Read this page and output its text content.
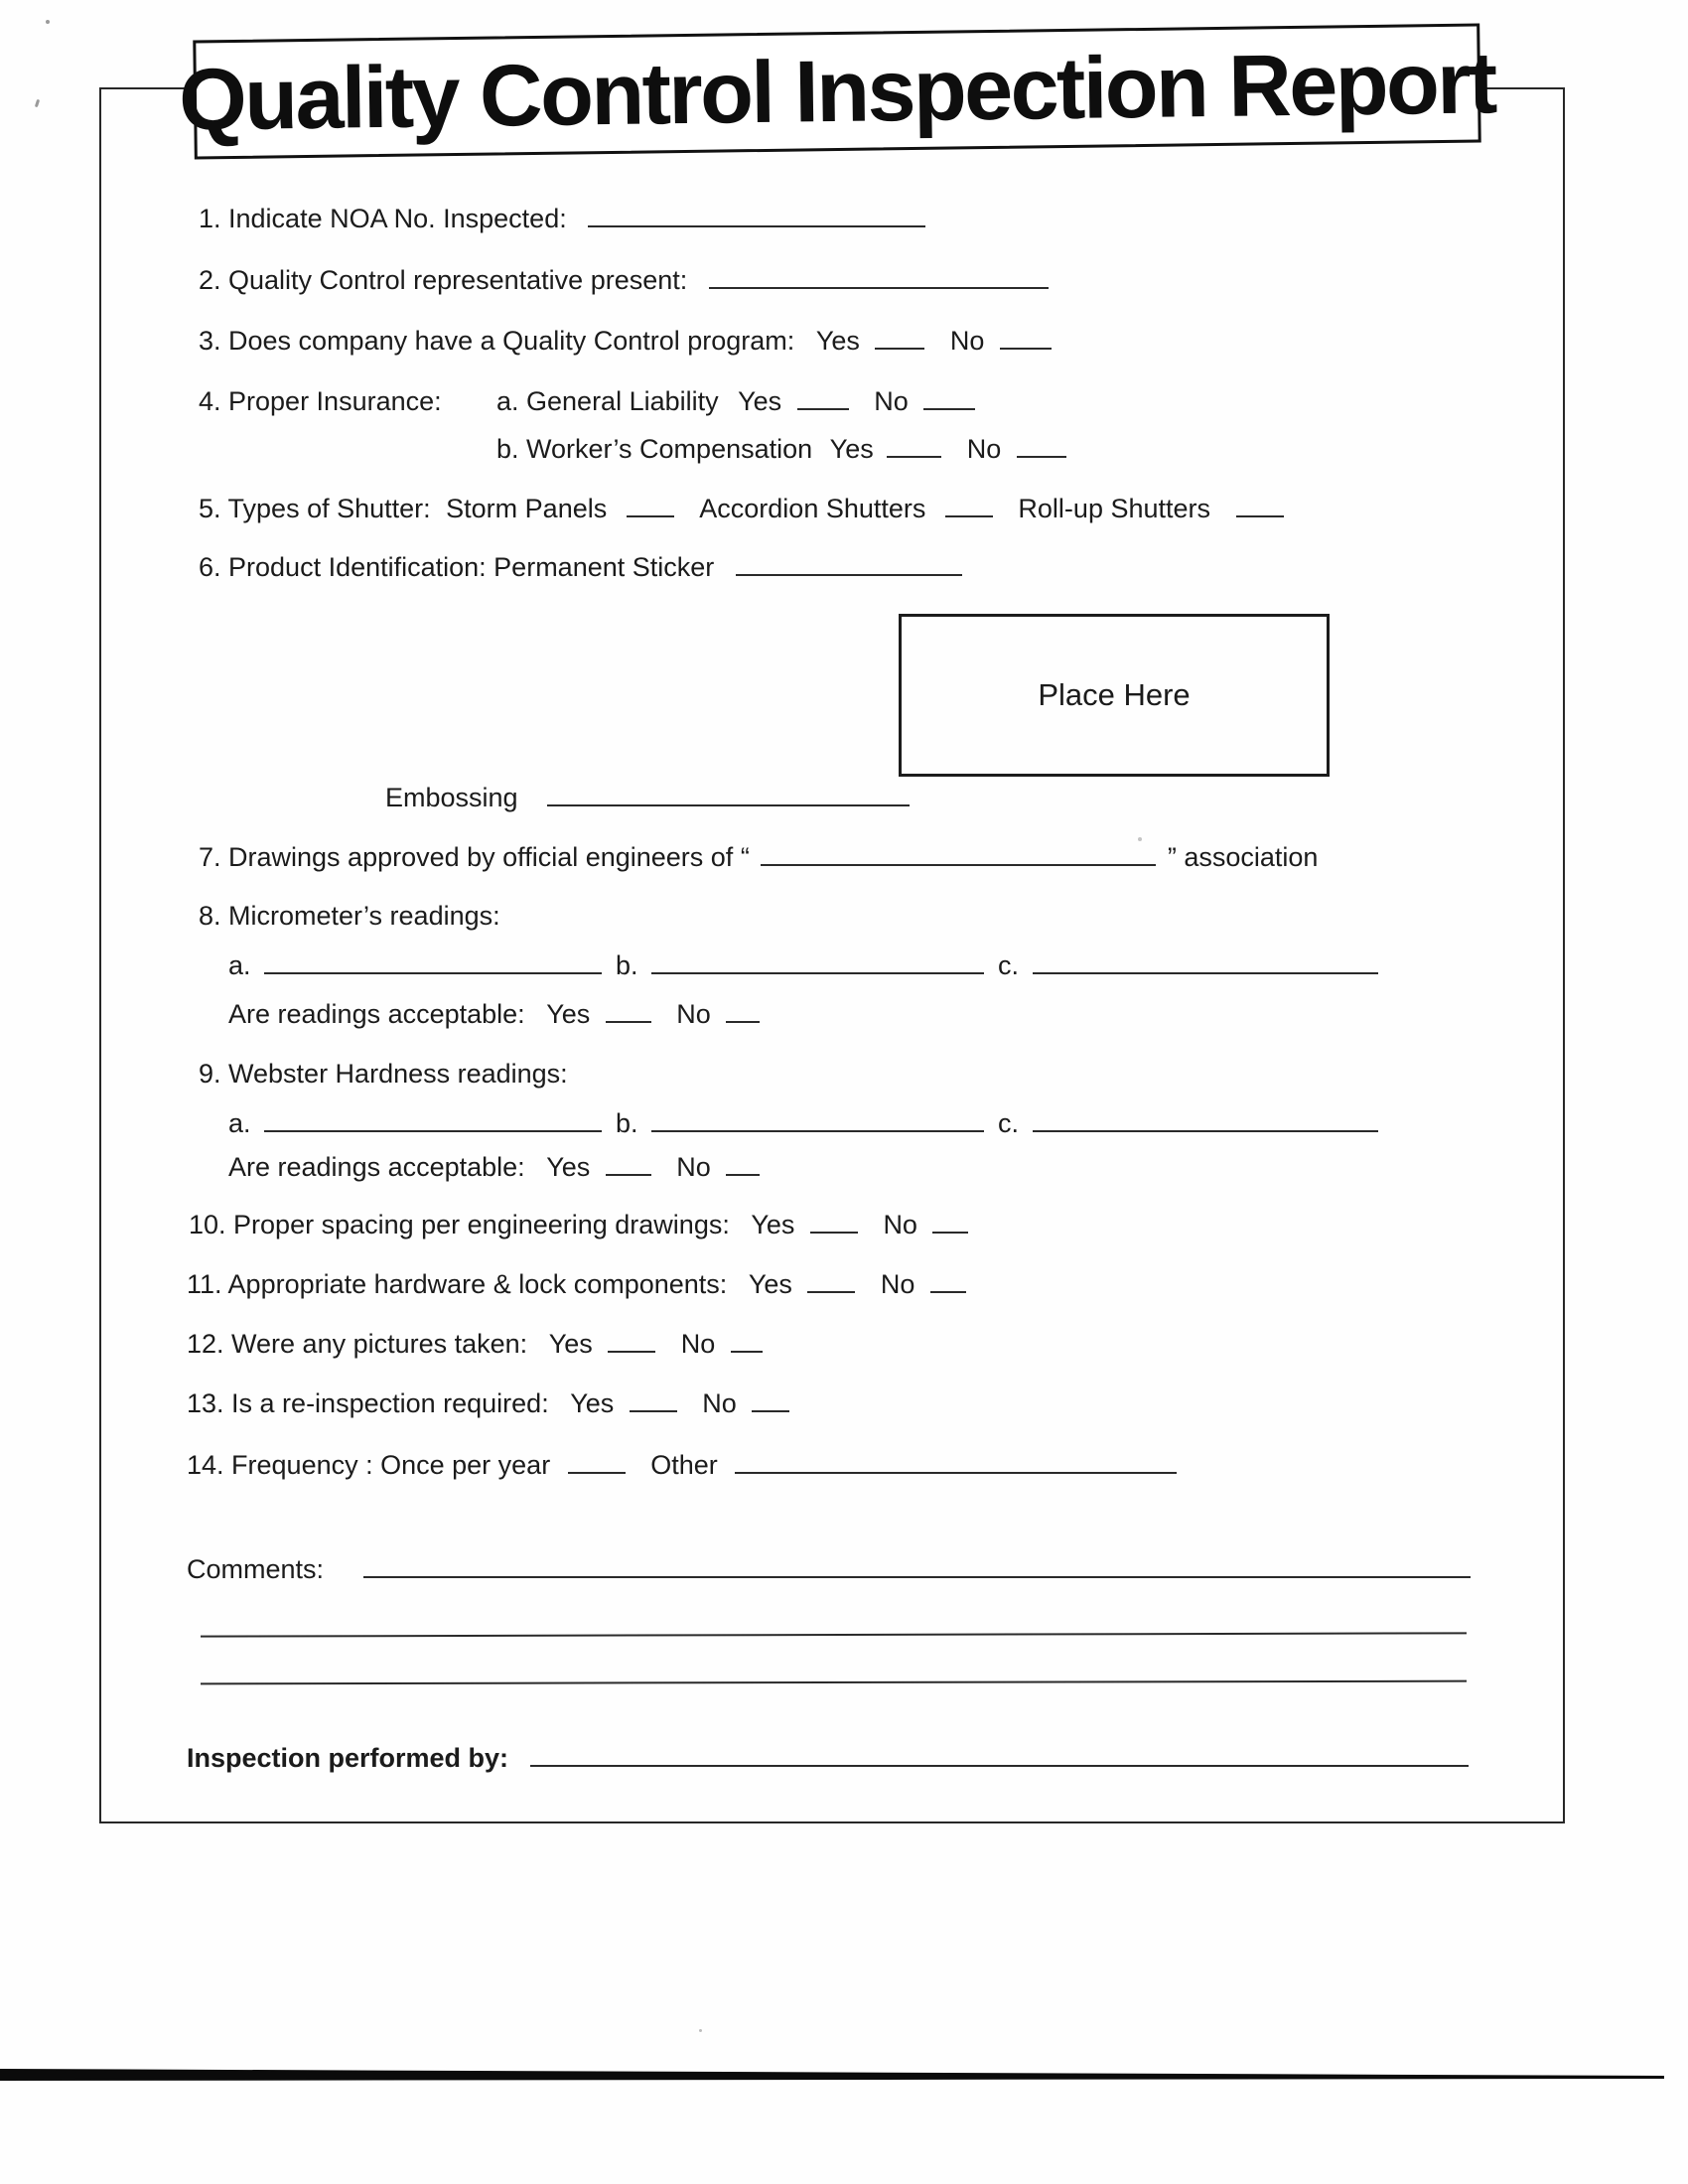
Quality Control Inspection Report
1. Indicate NOA No. Inspected:
2. Quality Control representative present:
3. Does company have a Quality Control program: Yes	No
4. Proper Insurance: a. General Liability Yes	No
b. Worker’s Compensation Yes	No
5. Types of Shutter: Storm Panels	Accordion Shutters	Roll-up Shutters
6. Product Identification: Permanent Sticker
Place Here
Embossing
7. Drawings approved by official engineers of “	” association
8. Micrometer’s readings:
a.	b.	c.
Are readings acceptable: Yes	No
9. Webster Hardness readings:
a.	b.	c.
Are readings acceptable: Yes	No
10. Proper spacing per engineering drawings: Yes	No
11. Appropriate hardware & lock components: Yes	No
12. Were any pictures taken: Yes	No
13. Is a re-inspection required: Yes	No
14. Frequency : Once per year	Other
Comments:
Inspection performed by:
